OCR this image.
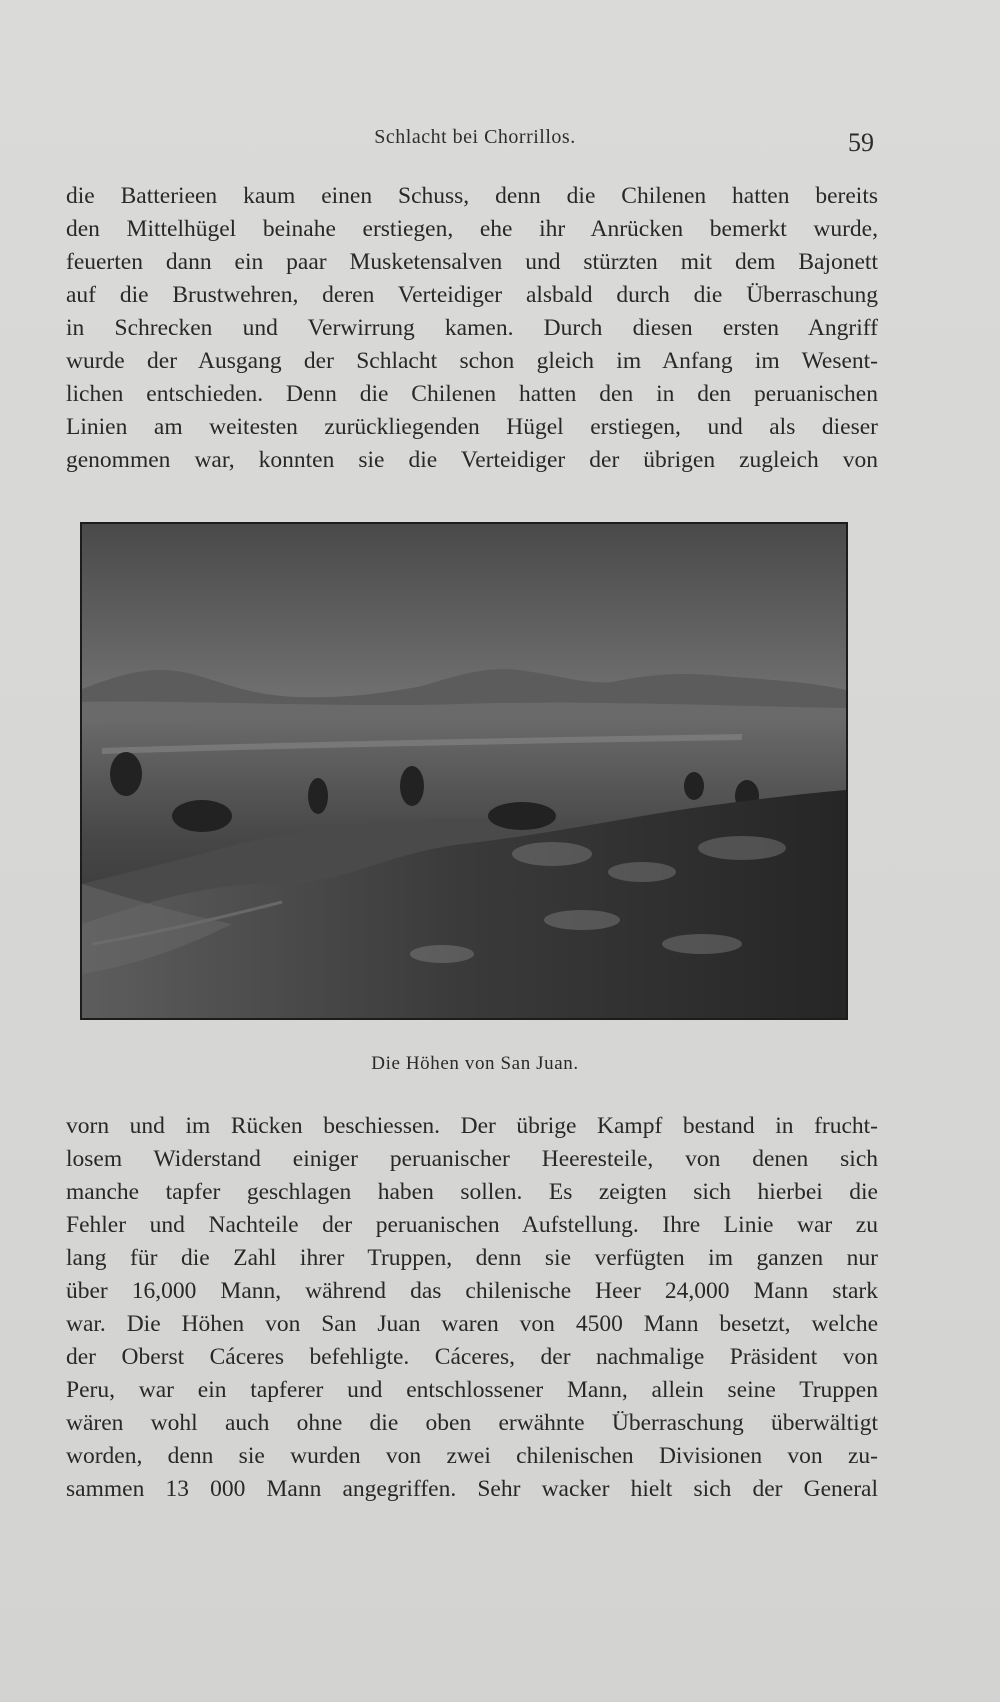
Schlacht bei Chorrillos.	59
die Batterieen kaum einen Schuss, denn die Chilenen hatten bereits
den Mittelhügel beinahe erstiegen, ehe ihr Anrücken bemerkt wurde,
feuerten dann ein paar Musketensalven und stürzten mit dem Bajonett
auf die Brustwehren, deren Verteidiger alsbald durch die Überraschung
in Schrecken und Verwirrung kamen. Durch diesen ersten Angriff
wurde der Ausgang der Schlacht schon gleich im Anfang im Wesent-
lichen entschieden. Denn die Chilenen hatten den in den peruanischen
Linien am weitesten zurückliegenden Hügel erstiegen, und als dieser
genommen war, konnten sie die Verteidiger der übrigen zugleich von
Die Höhen von San Juan.
vorn und im Rücken beschiessen. Der übrige Kampf bestand in frucht-
losem Widerstand einiger peruanischer Heeresteile, von denen sich
manche tapfer geschlagen haben sollen. Es zeigten sich hierbei die
Fehler und Nachteile der peruanischen Aufstellung. Ihre Linie war zu
lang für die Zahl ihrer Truppen, denn sie verfügten im ganzen nur
über 16,000 Mann, während das chilenische Heer 24,000 Mann stark
war. Die Höhen von San Juan waren von 4500 Mann besetzt, welche
der Oberst Cáceres befehligte. Cáceres, der nachmalige Präsident von
Peru, war ein tapferer und entschlossener Mann, allein seine Truppen
wären wohl auch ohne die oben erwähnte Überraschung überwältigt
worden, denn sie wurden von zwei chilenischen Divisionen von zu-
sammen 13 000 Mann angegriffen. Sehr wacker hielt sich der General
